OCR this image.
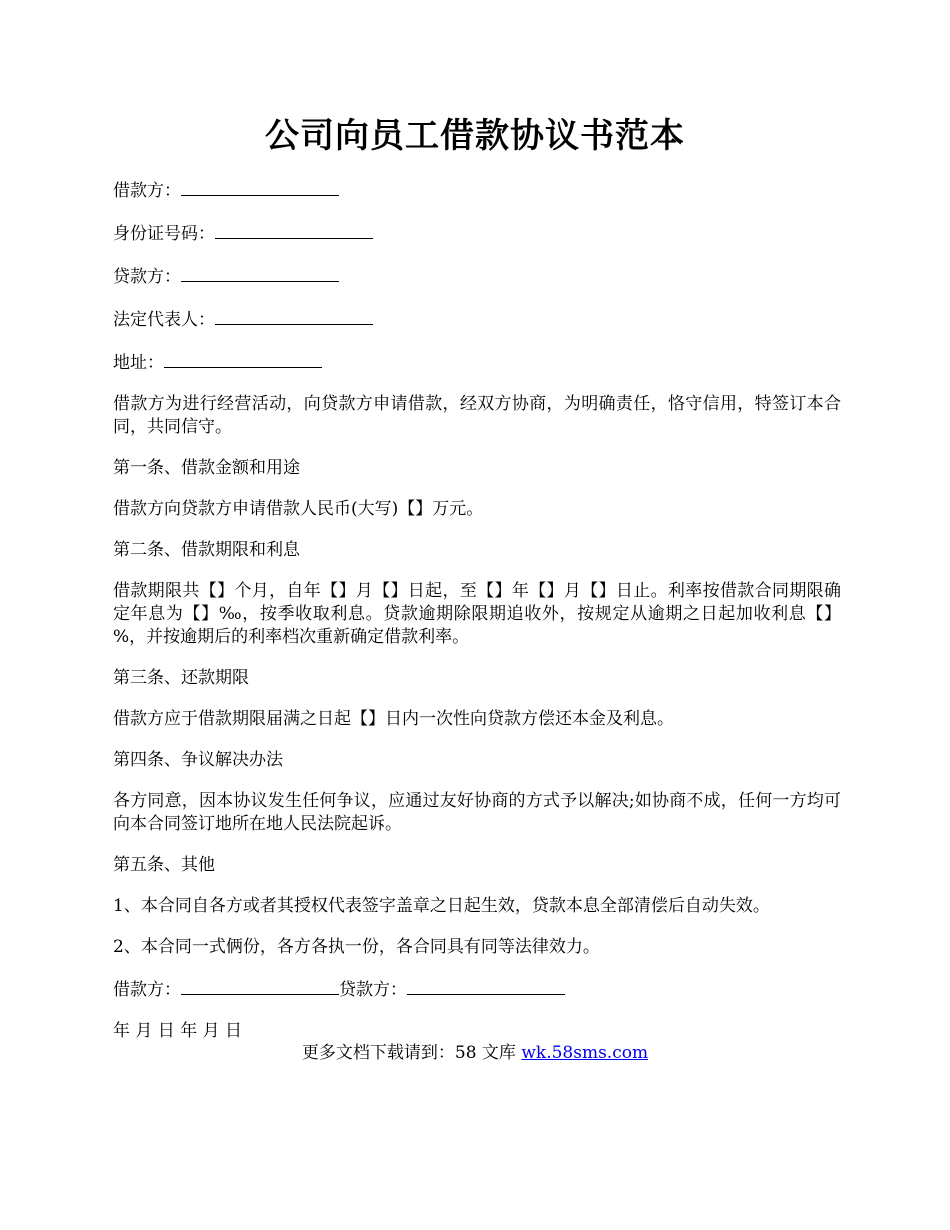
公司向员工借款协议书范本

借款方：

身份证号码：

贷款方：

法定代表人：

地址：

借款方为进行经营活动，向贷款方申请借款，经双方协商，为明确责任，恪守信用，特签订本合同，共同信守。

第一条、借款金额和用途

借款方向贷款方申请借款人民币(大写)【】万元。

第二条、借款期限和利息

借款期限共【】个月，自年【】月【】日起，至【】年【】月【】日止。利率按借款合同期限确定年息为【】‰，按季收取利息。贷款逾期除限期追收外，按规定从逾期之日起加收利息【】%，并按逾期后的利率档次重新确定借款利率。

第三条、还款期限

借款方应于借款期限届满之日起【】日内一次性向贷款方偿还本金及利息。

第四条、争议解决办法

各方同意，因本协议发生任何争议，应通过友好协商的方式予以解决;如协商不成，任何一方均可向本合同签订地所在地人民法院起诉。

第五条、其他

1、本合同自各方或者其授权代表签字盖章之日起生效，贷款本息全部清偿后自动失效。

2、本合同一式俩份，各方各执一份，各合同具有同等法律效力。

借款方：	贷款方：

年 月 日 年 月 日

更多文档下载请到：58 文库 wk.58sms.com
